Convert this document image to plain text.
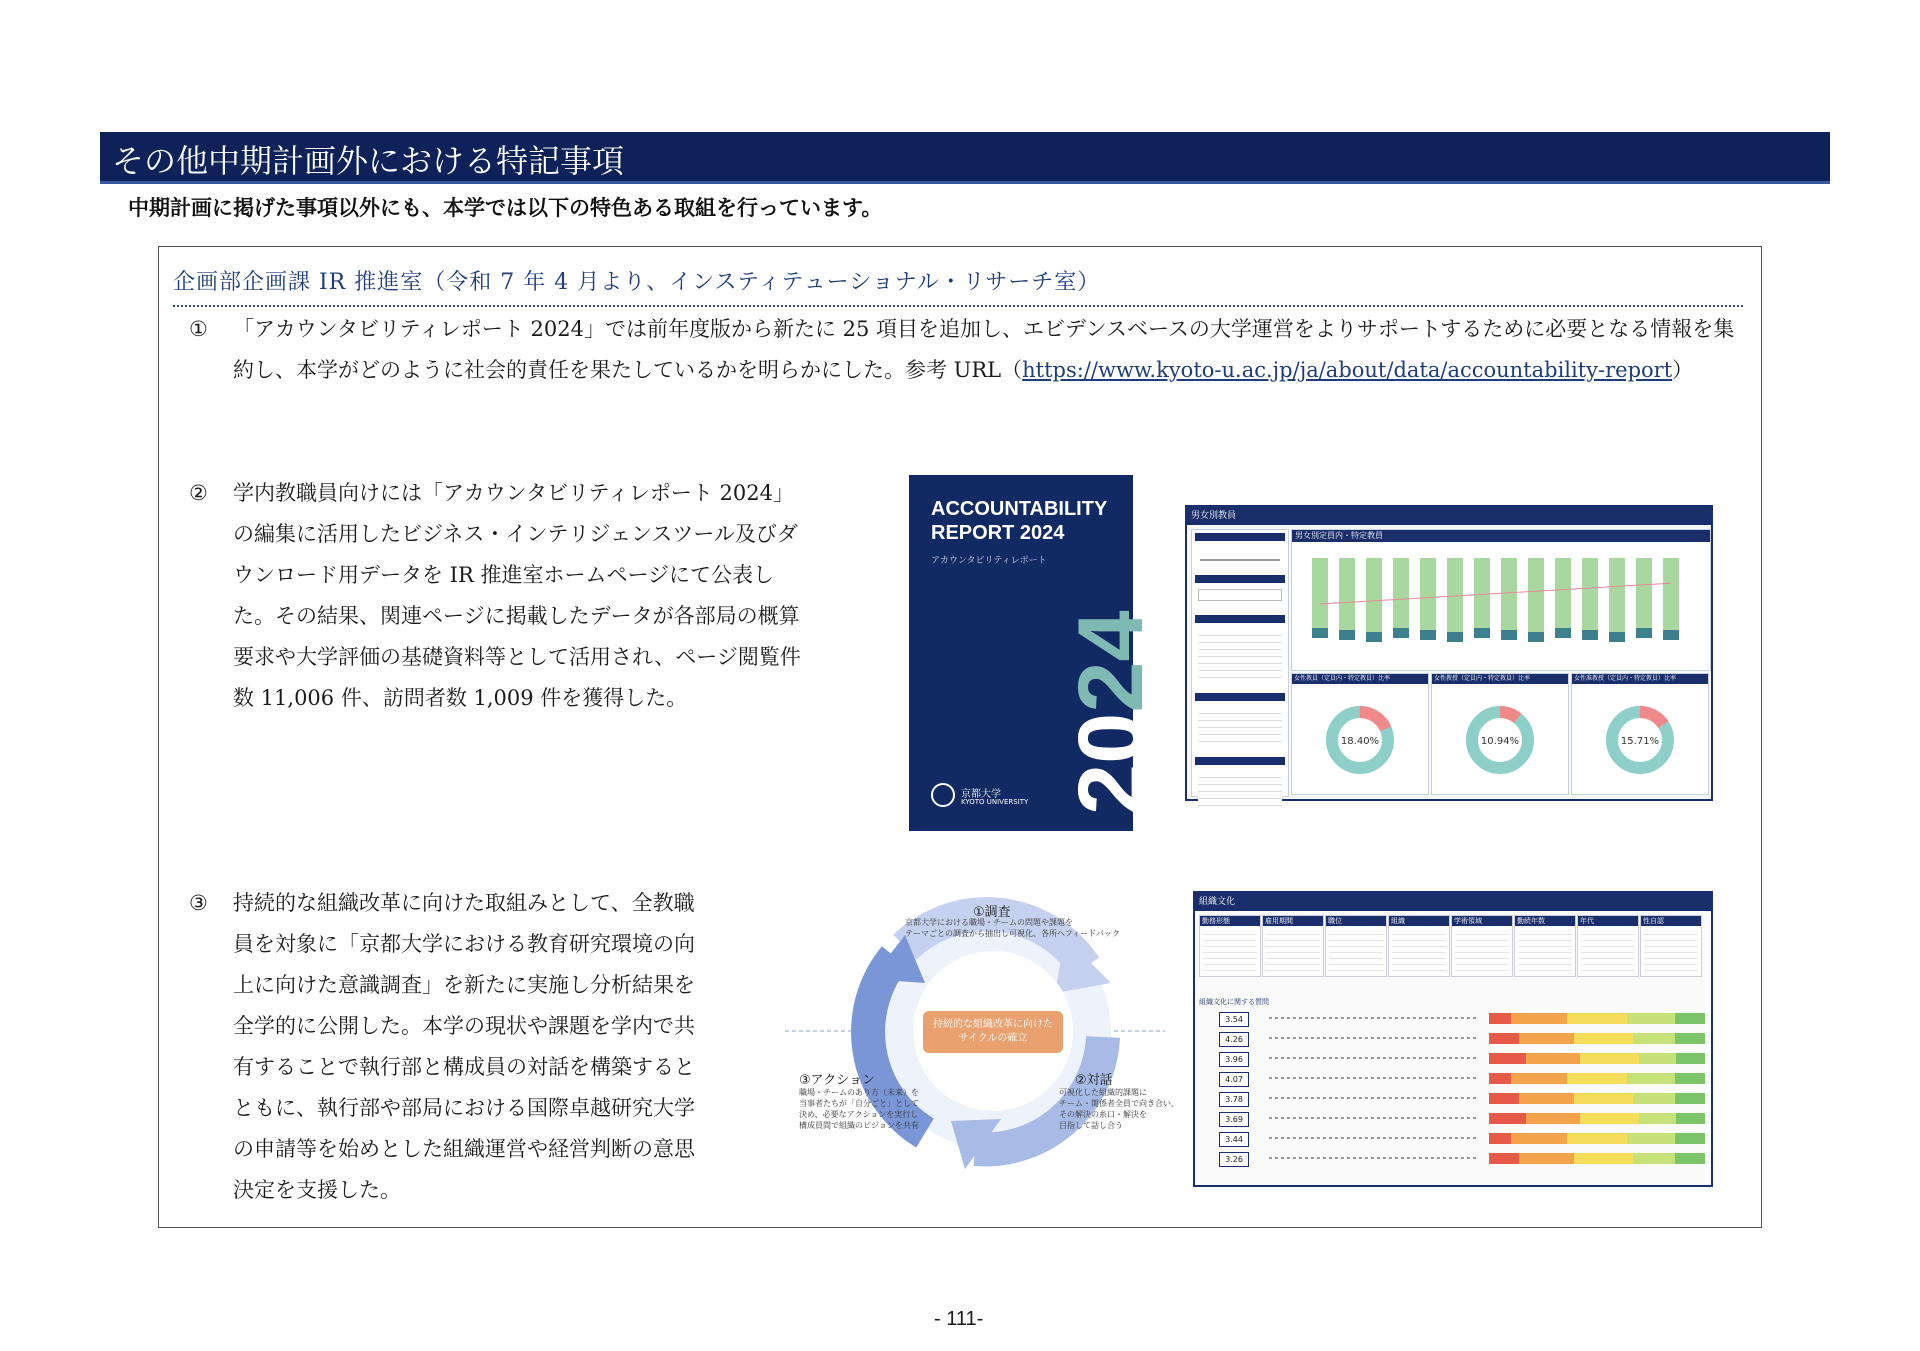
その他中期計画外における特記事項
中期計画に掲げた事項以外にも、本学では以下の特色ある取組を行っています。
企画部企画課 IR 推進室（令和 7 年 4 月より、インスティテューショナル・リサーチ室）
① 「アカウンタビリティレポート 2024」では前年度版から新たに 25 項目を追加し、エビデンスベースの大学運営をよりサポートするために必要となる情報を集約し、本学がどのように社会的責任を果たしているかを明らかにした。参考 URL（https://www.kyoto-u.ac.jp/ja/about/data/accountability-report）
② 学内教職員向けには「アカウンタビリティレポート 2024」
の編集に活用したビジネス・インテリジェンスツール及びダ
ウンロード用データを IR 推進室ホームページにて公表し
た。その結果、関連ページに掲載したデータが各部局の概算
要求や大学評価の基礎資料等として活用され、ページ閲覧件
数 11,006 件、訪問者数 1,009 件を獲得した。
③ 持続的な組織改革に向けた取組みとして、全教職
員を対象に「京都大学における教育研究環境の向
上に向けた意識調査」を新たに実施し分析結果を
全学的に公開した。本学の現状や課題を学内で共
有することで執行部と構成員の対話を構築すると
ともに、執行部や部局における国際卓越研究大学
の申請等を始めとした組織運営や経営判断の意思
決定を支援した。
ACCOUNTABILITY
REPORT 2024
アカウンタビリティレポート
2024
京都大学
KYOTO UNIVERSITY
男女別教員
男女別定員内・特定教員
女性教員（定員内・特定教員）比率
18.40%
女性教授（定員内・特定教員）比率
10.94%
女性准教授（定員内・特定教員）比率
15.71%
持続的な組織改革に向けた
サイクルの確立
①調査
京都大学における職場・チームの問題や課題を
テーマごとの調査から抽出し可視化、各所へフィードバック
②対話
可視化した組織的課題に
チーム・関係者全員で向き合い、
その解決の糸口・解決を
目指して話し合う
③アクション
職場・チームのあり方（未来）を
当事者たちが「自分ごと」として
決め、必要なアクションを実行し
構成員間で組織のビジョンを共有
組織文化
勤務形態	雇用期間	職位	組織	学術領域	勤続年数	年代	性自認
組織文化に関する質問
3.54
4.26
3.96
4.07
3.78
3.69
3.44
3.26
- 111-
